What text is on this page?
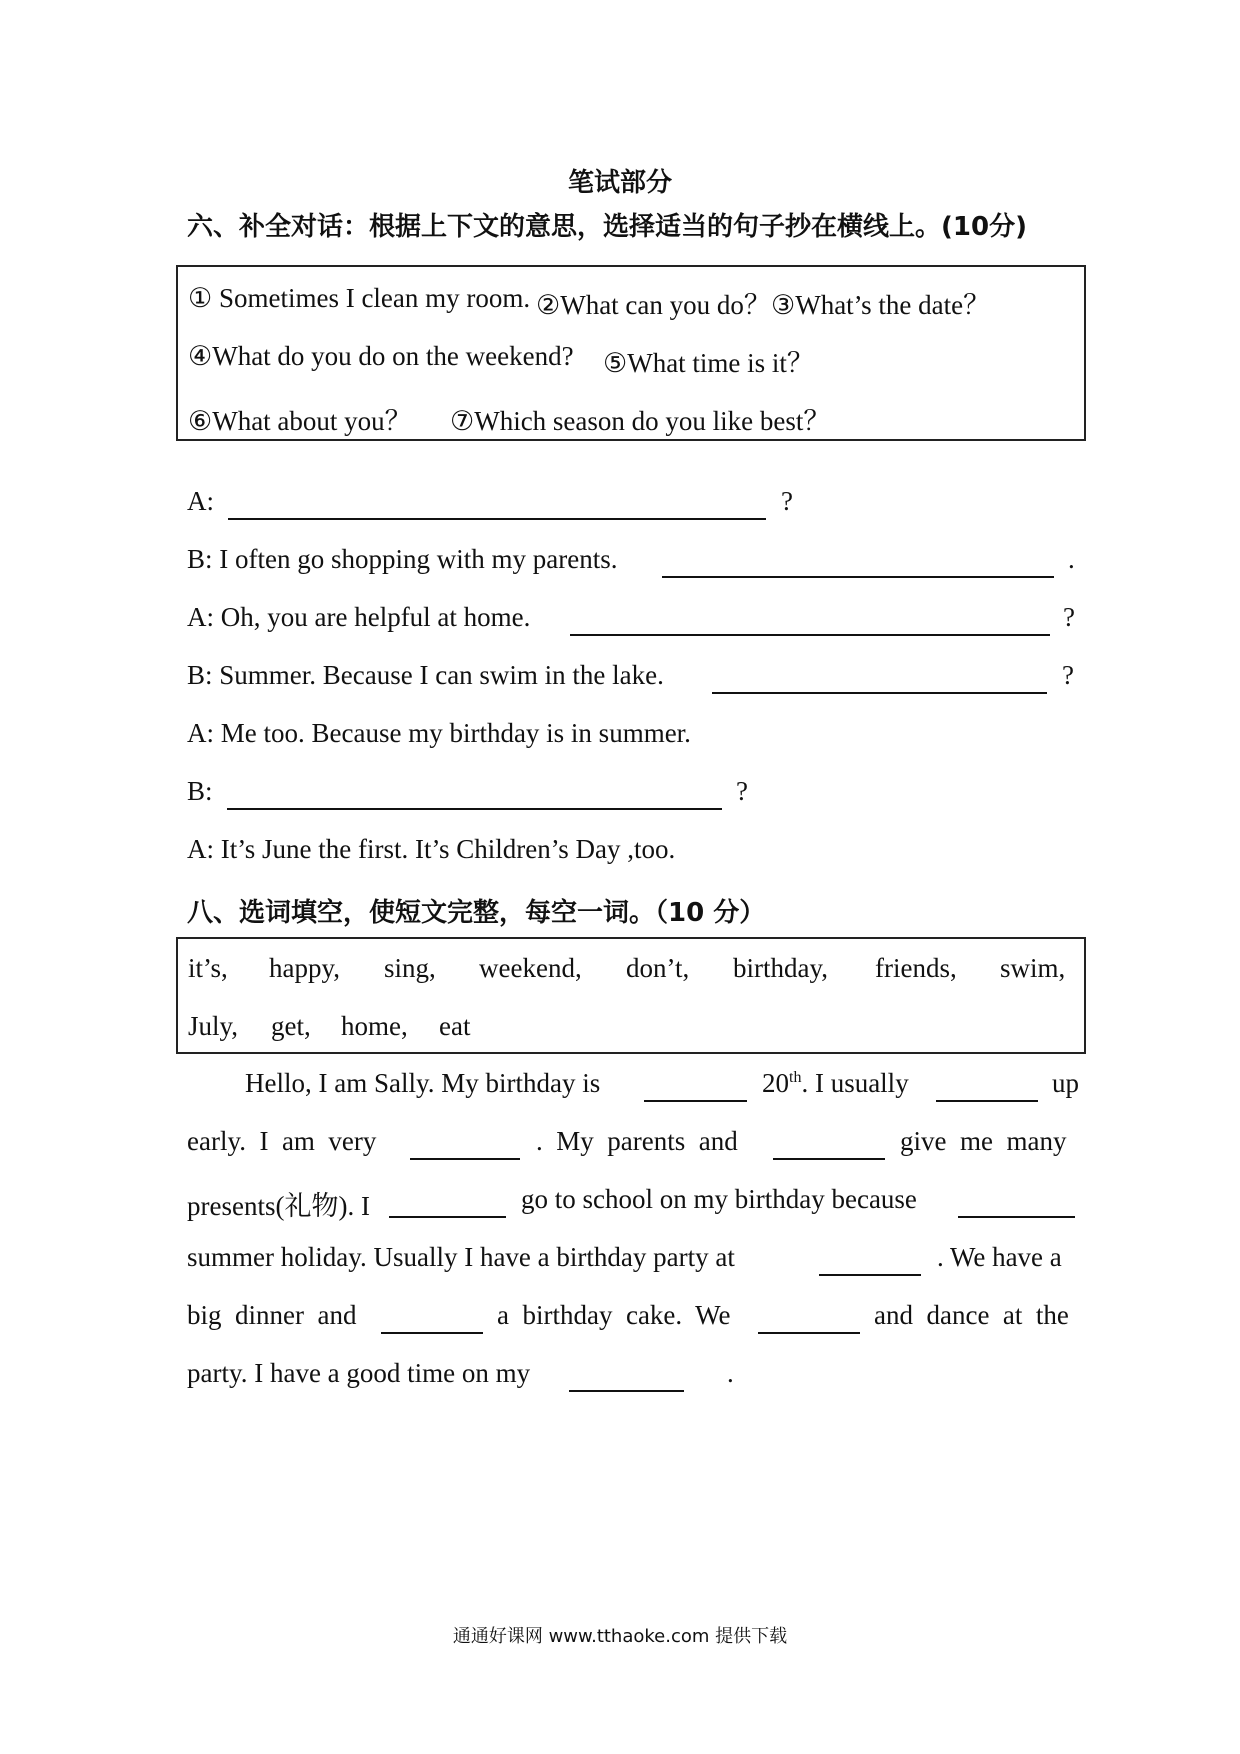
笔试部分
六、补全对话：根据上下文的意思，选择适当的句子抄在横线上。(10分)
① Sometimes I clean my room. ②What can you do？ ③What’s the date？
④What do you do on the weekend? ⑤What time is it？
⑥What about you？ ⑦Which season do you like best？
A:	?
B: I often go shopping with my parents.	.
A: Oh, you are helpful at home.	?
B: Summer. Because I can swim in the lake.	?
A: Me too. Because my birthday is in summer.
B:	?
A: It’s June the first. It’s Children’s Day ,too.
八、选词填空，使短文完整，每空一词。（10 分）
it’s, happy, sing, weekend, don’t, birthday, friends, swim,
July, get, home, eat
Hello, I am Sally. My birthday is	20th. I usually	up
early.  I  am  very	.  My  parents  and	give  me  many
presents(礼物). I	go to school on my birthday because
summer holiday. Usually I have a birthday party at	. We have a
big  dinner  and	a  birthday  cake.  We	and  dance  at  the
party. I have a good time on my	.
通通好课网 www.tthaoke.com 提供下载
